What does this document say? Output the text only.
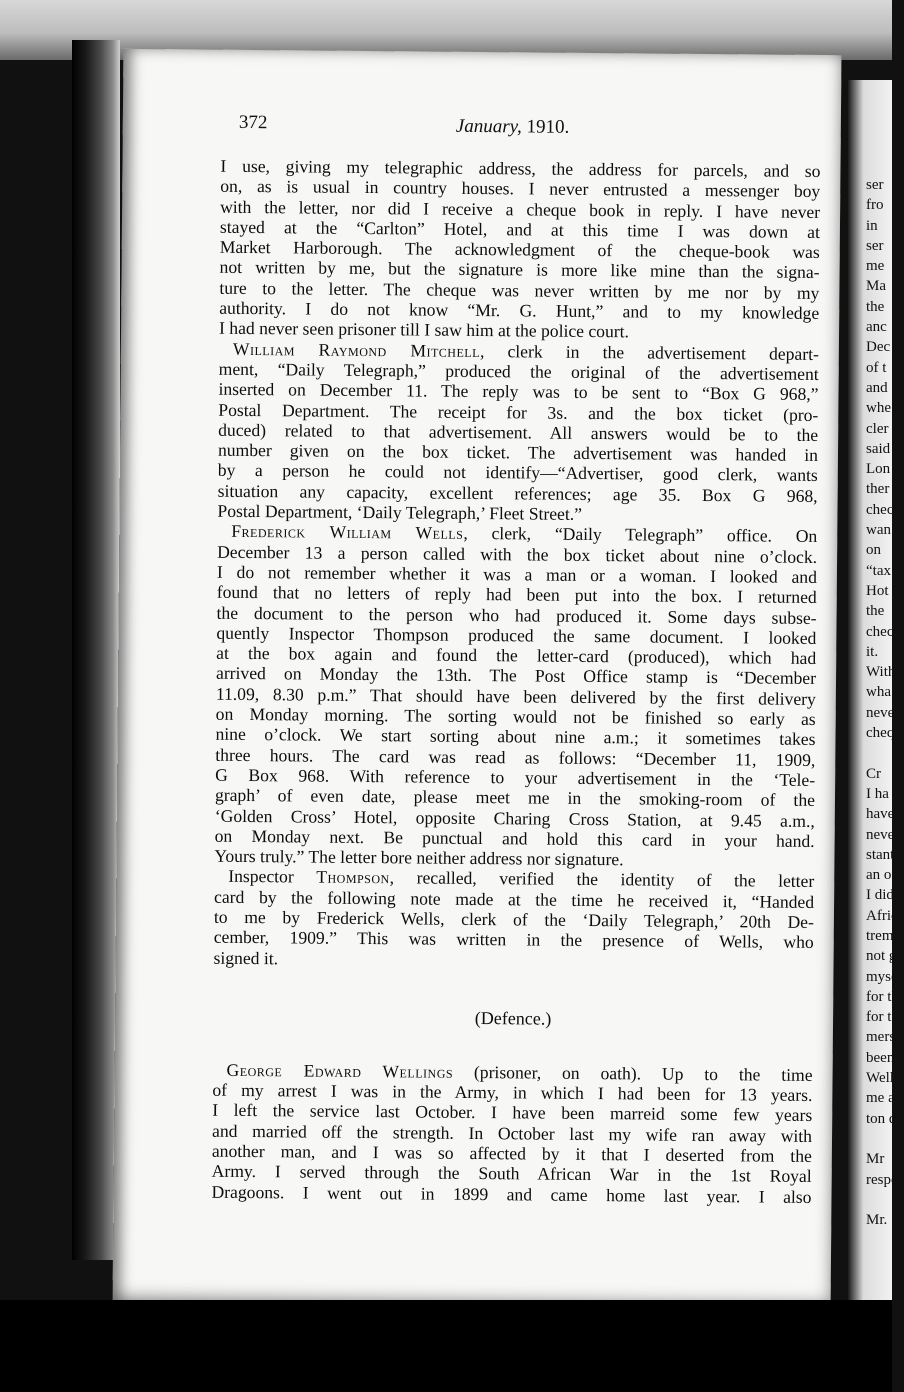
ser
fro
in
ser
me
Ma
the
anc
Dec
of t
and
whe
cler
said
Lon
ther
chec
wan
on
“tax
Hot
the
chec
it.
With
wha
neve
cheq
Cr
I ha
have
neve
stant
an of
I did
Afric
treme
not g
myse
for th
for t
mersi
been
Welli
me at
ton di
Mr
respec
Mr.
372	January, 1910.
I use, giving my telegraphic address, the address for parcels, and so
on, as is usual in country houses. I never entrusted a messenger boy
with the letter, nor did I receive a cheque book in reply. I have never
stayed at the “Carlton” Hotel, and at this time I was down at
Market Harborough. The acknowledgment of the cheque-book was
not written by me, but the signature is more like mine than the signa-
ture to the letter. The cheque was never written by me nor by my
authority. I do not know “Mr. G. Hunt,” and to my knowledge
I had never seen prisoner till I saw him at the police court.
William Raymond Mitchell, clerk in the advertisement depart-
ment, “Daily Telegraph,” produced the original of the advertisement
inserted on December 11. The reply was to be sent to “Box G 968,”
Postal Department. The receipt for 3s. and the box ticket (pro-
duced) related to that advertisement. All answers would be to the
number given on the box ticket. The advertisement was handed in
by a person he could not identify—“Advertiser, good clerk, wants
situation any capacity, excellent references; age 35. Box G 968,
Postal Department, ‘Daily Telegraph,’ Fleet Street.”
Frederick William Wells, clerk, “Daily Telegraph” office. On
December 13 a person called with the box ticket about nine o’clock.
I do not remember whether it was a man or a woman. I looked and
found that no letters of reply had been put into the box. I returned
the document to the person who had produced it. Some days subse-
quently Inspector Thompson produced the same document. I looked
at the box again and found the letter-card (produced), which had
arrived on Monday the 13th. The Post Office stamp is “December
11.09, 8.30 p.m.” That should have been delivered by the first delivery
on Monday morning. The sorting would not be finished so early as
nine o’clock. We start sorting about nine a.m.; it sometimes takes
three hours. The card was read as follows: “December 11, 1909,
G Box 968. With reference to your advertisement in the ‘Tele-
graph’ of even date, please meet me in the smoking-room of the
‘Golden Cross’ Hotel, opposite Charing Cross Station, at 9.45 a.m.,
on Monday next. Be punctual and hold this card in your hand.
Yours truly.” The letter bore neither address nor signature.
Inspector Thompson, recalled, verified the identity of the letter
card by the following note made at the time he received it, “Handed
to me by Frederick Wells, clerk of the ‘Daily Telegraph,’ 20th De-
cember, 1909.” This was written in the presence of Wells, who
signed it.
(Defence.)
George Edward Wellings (prisoner, on oath). Up to the time
of my arrest I was in the Army, in which I had been for 13 years.
I left the service last October. I have been marreid some few years
and married off the strength. In October last my wife ran away with
another man, and I was so affected by it that I deserted from the
Army. I served through the South African War in the 1st Royal
Dragoons. I went out in 1899 and came home last year. I also
